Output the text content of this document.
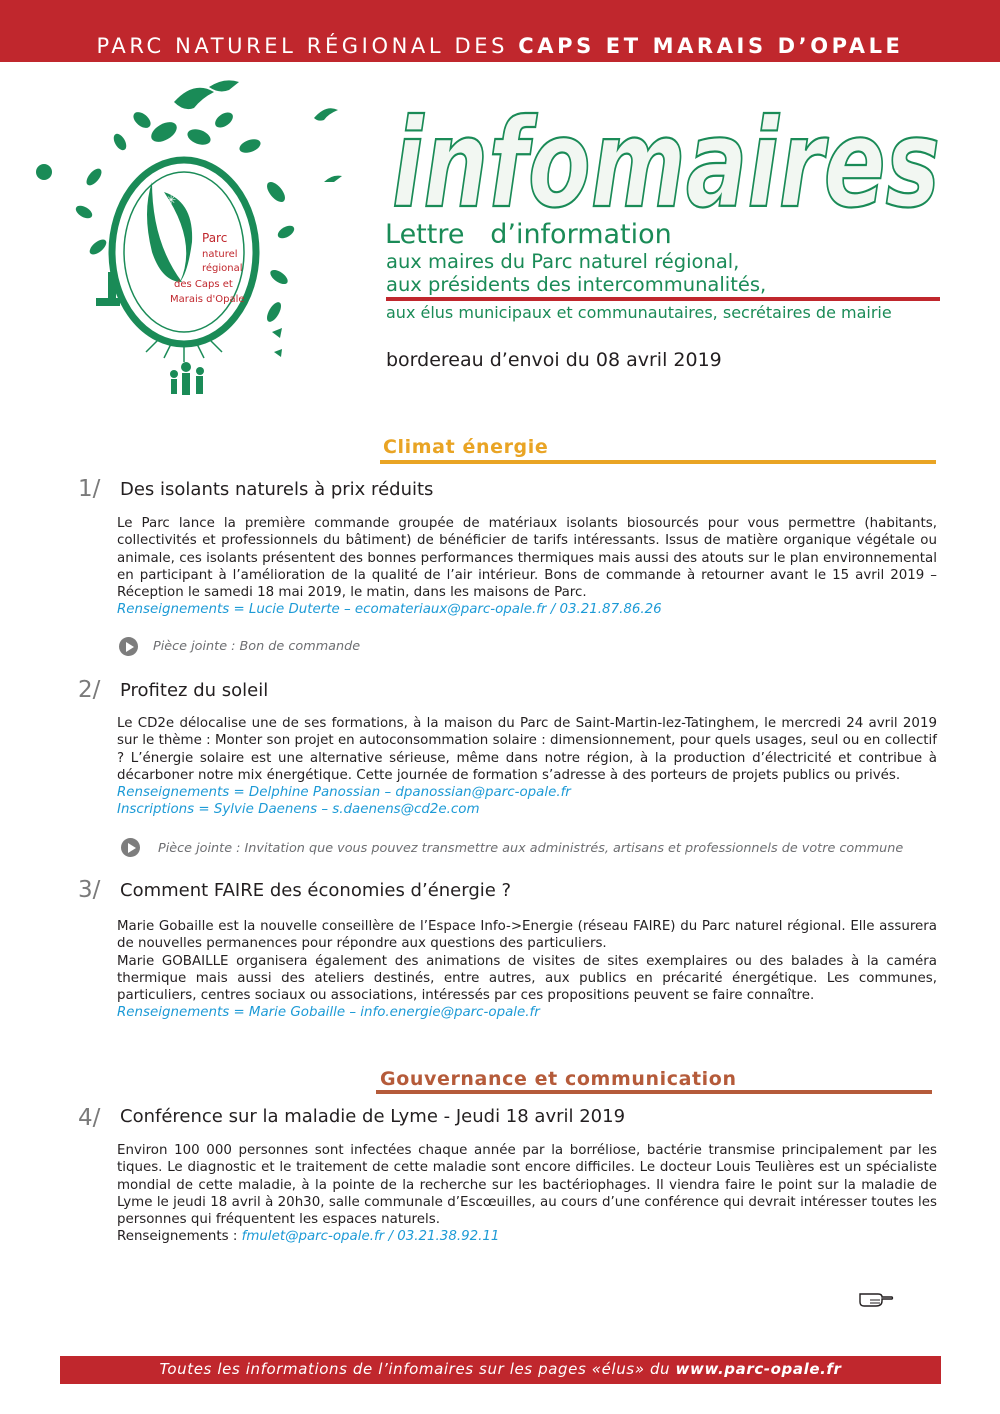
PARC NATUREL RÉGIONAL DES CAPS ET MARAIS D’OPALE
✳
Parc
naturel
régional
des Caps et
Marais d'Opale
infomaires
Lettre   d’information
aux maires du Parc naturel régional,
aux présidents des intercommunalités,
aux élus municipaux et communautaires, secrétaires de mairie
bordereau d’envoi du 08 avril 2019
Climat énergie
1/ Des isolants naturels à prix réduits

Le Parc lance la première commande groupée de matériaux isolants biosourcés pour vous permettre (habitants, collectivités et professionnels du bâtiment) de bénéficier de tarifs intéressants. Issus de matière organique végétale ou animale, ces isolants présentent des bonnes performances thermiques mais aussi des atouts sur le plan environnemental en participant à l’amélioration de la qualité de l’air intérieur. Bons de commande à retourner avant le 15 avril 2019 – Réception le samedi 18 mai 2019, le matin, dans les maisons de Parc.

Renseignements = Lucie Duterte – ecomateriaux@parc-opale.fr / 03.21.87.86.26
Pièce jointe : Bon de commande
2/ Profitez du soleil

Le CD2e délocalise une de ses formations, à la maison du Parc de Saint-Martin-lez-Tatinghem, le mercredi 24 avril 2019 sur le thème : Monter son projet en autoconsommation solaire : dimensionnement, pour quels usages, seul ou en collectif ? L’énergie solaire est une alternative sérieuse, même dans notre région, à la production d’électricité et contribue à décarboner notre mix énergétique. Cette journée de formation s’adresse à des porteurs de projets publics ou privés.

Renseignements = Delphine Panossian – dpanossian@parc-opale.fr
Inscriptions = Sylvie Daenens – s.daenens@cd2e.com
Pièce jointe : Invitation que vous pouvez transmettre aux administrés, artisans et professionnels de votre commune
3/ Comment FAIRE des économies d’énergie ?

Marie Gobaille est la nouvelle conseillère de l’Espace Info->Energie (réseau FAIRE) du Parc naturel régional. Elle assurera de nouvelles permanences pour répondre aux questions des particuliers.

Marie GOBAILLE organisera également des animations de visites de sites exemplaires ou des balades à la caméra thermique mais aussi des ateliers destinés, entre autres, aux publics en précarité énergétique. Les communes, particuliers, centres sociaux ou associations, intéressés par ces propositions peuvent se faire connaître.

Renseignements = Marie Gobaille – info.energie@parc-opale.fr
Gouvernance et communication
4/ Conférence sur la maladie de Lyme - Jeudi 18 avril 2019

Environ 100 000 personnes sont infectées chaque année par la borréliose, bactérie transmise principalement par les tiques. Le diagnostic et le traitement de cette maladie sont encore difficiles. Le docteur Louis Teulières est un spécialiste mondial de cette maladie, à la pointe de la recherche sur les bactériophages. Il viendra faire le point sur la maladie de Lyme le jeudi 18 avril à 20h30, salle communale d’Escœuilles, au cours d’une conférence qui devrait intéresser toutes les personnes qui fréquentent les espaces naturels.

Renseignements : fmulet@parc-opale.fr / 03.21.38.92.11
Toutes les informations de l’infomaires sur les pages «élus» du www.parc-opale.fr
